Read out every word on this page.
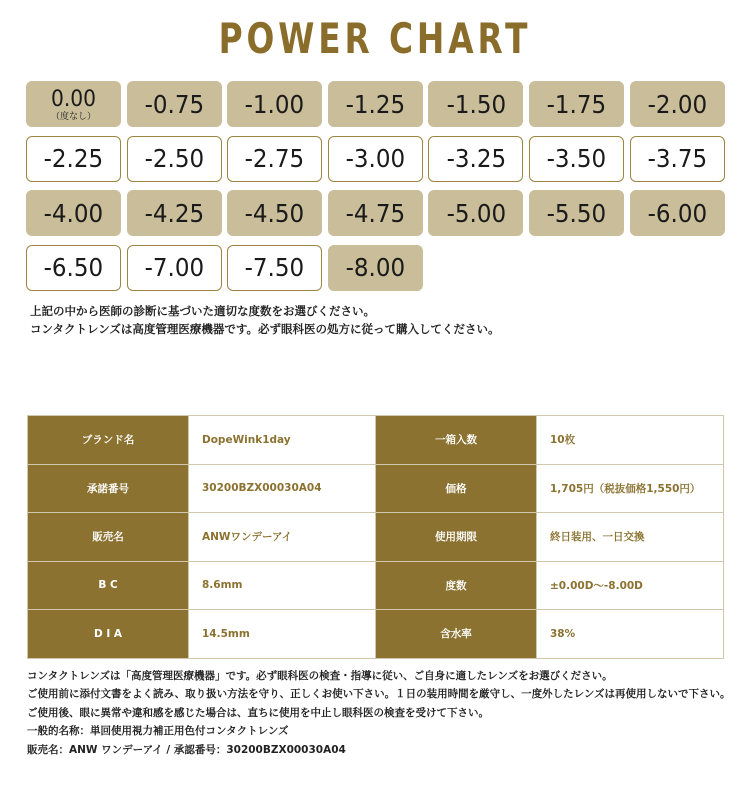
POWER CHART
0.00
（度なし） -0.75 -1.00 -1.25 -1.50 -1.75 -2.00
-2.25 -2.50 -2.75 -3.00 -3.25 -3.50 -3.75
-4.00 -4.25 -4.50 -4.75 -5.00 -5.50 -6.00
-6.50 -7.00 -7.50 -8.00
上記の中から医師の診断に基づいた適切な度数をお選びください。
コンタクトレンズは高度管理医療機器です。必ず眼科医の処方に従って購入してください。
ブランド名	DopeWink1day	一箱入数	10枚
承諾番号	30200BZX00030A04	価格	1,705円（税抜価格1,550円）
販売名	ANWワンデーアイ	使用期限	終日装用、一日交換
B C	8.6mm	度数	±0.00D〜-8.00D
D I A	14.5mm	含水率	38%
コンタクトレンズは「高度管理医療機器」です。必ず眼科医の検査・指導に従い、ご自身に適したレンズをお選びください。
ご使用前に添付文書をよく読み、取り扱い方法を守り、正しくお使い下さい。１日の装用時間を厳守し、一度外したレンズは再使用しないで下さい。
ご使用後、眼に異常や違和感を感じた場合は、直ちに使用を中止し眼科医の検査を受けて下さい。
一般的名称：単回使用視力補正用色付コンタクトレンズ
販売名：ANW ワンデーアイ / 承認番号：30200BZX00030A04
